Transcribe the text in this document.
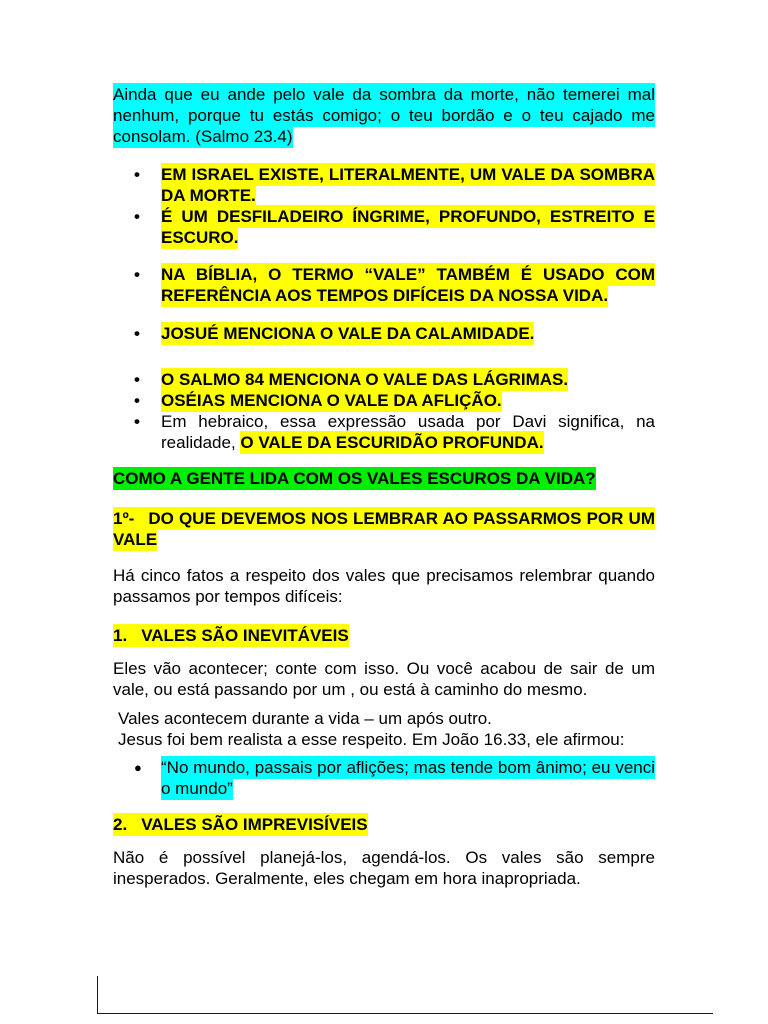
Ainda que eu ande pelo vale da sombra da morte, não temerei mal nenhum, porque tu estás comigo; o teu bordão e o teu cajado me consolam. (Salmo 23.4)

•	EM ISRAEL EXISTE, LITERALMENTE, UM VALE DA SOMBRA DA MORTE.

•	É UM DESFILADEIRO ÍNGRIME, PROFUNDO, ESTREITO E ESCURO.

•	NA BÍBLIA, O TERMO “VALE” TAMBÉM É USADO COM REFERÊNCIA AOS TEMPOS DIFÍCEIS DA NOSSA VIDA.

•	JOSUÉ MENCIONA O VALE DA CALAMIDADE.

•	O SALMO 84 MENCIONA O VALE DAS LÁGRIMAS.

•	OSÉIAS MENCIONA O VALE DA AFLIÇÃO.

•	Em hebraico, essa expressão usada por Davi significa, na realidade, O VALE DA ESCURIDÃO PROFUNDA.

COMO A GENTE LIDA COM OS VALES ESCUROS DA VIDA?

1º- DO QUE DEVEMOS NOS LEMBRAR AO PASSARMOS POR UM VALE

Há cinco fatos a respeito dos vales que precisamos relembrar quando passamos por tempos difíceis:

1. VALES SÃO INEVITÁVEIS

Eles vão acontecer; conte com isso. Ou você acabou de sair de um vale, ou está passando por um , ou está à caminho do mesmo.

Vales acontecem durante a vida – um após outro.

Jesus foi bem realista a esse respeito. Em João 16.33, ele afirmou:

●	“No mundo, passais por aflições; mas tende bom ânimo; eu venci o mundo”

2. VALES SÃO IMPREVISÍVEIS

Não é possível planejá-los, agendá-los. Os vales são sempre inesperados. Geralmente, eles chegam em hora inapropriada.
